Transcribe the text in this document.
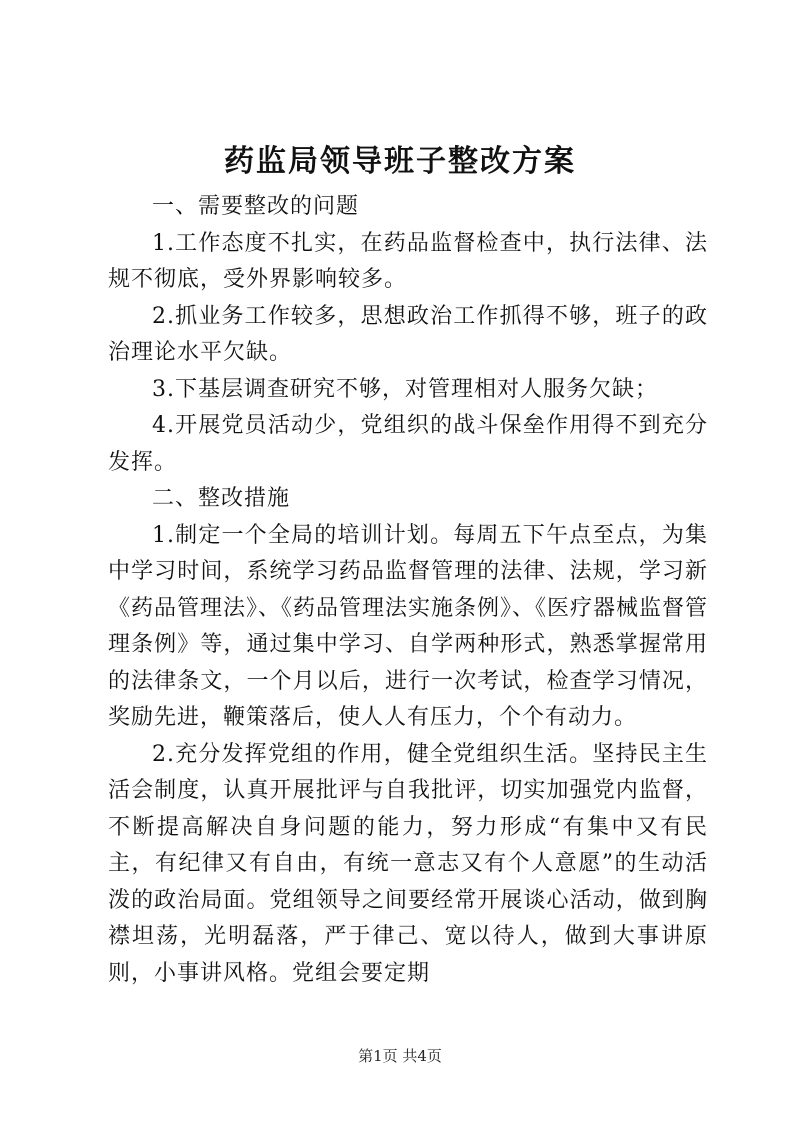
药监局领导班子整改方案

一、需要整改的问题

1.工作态度不扎实，在药品监督检查中，执行法律、法规不彻底，受外界影响较多。

2.抓业务工作较多，思想政治工作抓得不够，班子的政治理论水平欠缺。

3.下基层调查研究不够，对管理相对人服务欠缺；

4.开展党员活动少，党组织的战斗保垒作用得不到充分发挥。

二、整改措施

1.制定一个全局的培训计划。每周五下午点至点，为集中学习时间，系统学习药品监督管理的法律、法规，学习新《药品管理法》、《药品管理法实施条例》、《医疗器械监督管理条例》等，通过集中学习、自学两种形式，熟悉掌握常用的法律条文，一个月以后，进行一次考试，检查学习情况，奖励先进，鞭策落后，使人人有压力，个个有动力。

2.充分发挥党组的作用，健全党组织生活。坚持民主生活会制度，认真开展批评与自我批评，切实加强党内监督，不断提高解决自身问题的能力，努力形成“有集中又有民主，有纪律又有自由，有统一意志又有个人意愿”的生动活泼的政治局面。党组领导之间要经常开展谈心活动，做到胸襟坦荡，光明磊落，严于律己、宽以待人，做到大事讲原则，小事讲风格。党组会要定期

第1页 共4页
